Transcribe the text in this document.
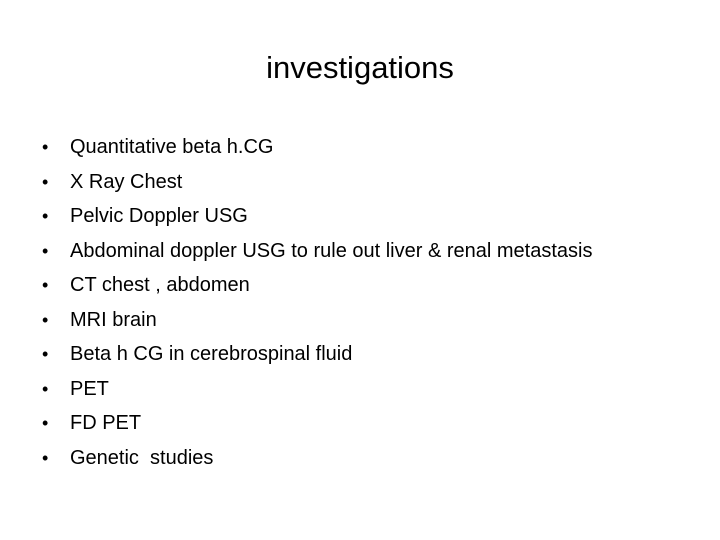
investigations
•	Quantitative beta h.CG
•	X Ray Chest
•	Pelvic Doppler USG
•	Abdominal doppler USG to rule out liver & renal metastasis
•	CT chest , abdomen
•	MRI brain
•	Beta h CG in cerebrospinal fluid
•	PET
•	FD PET
•	Genetic  studies
